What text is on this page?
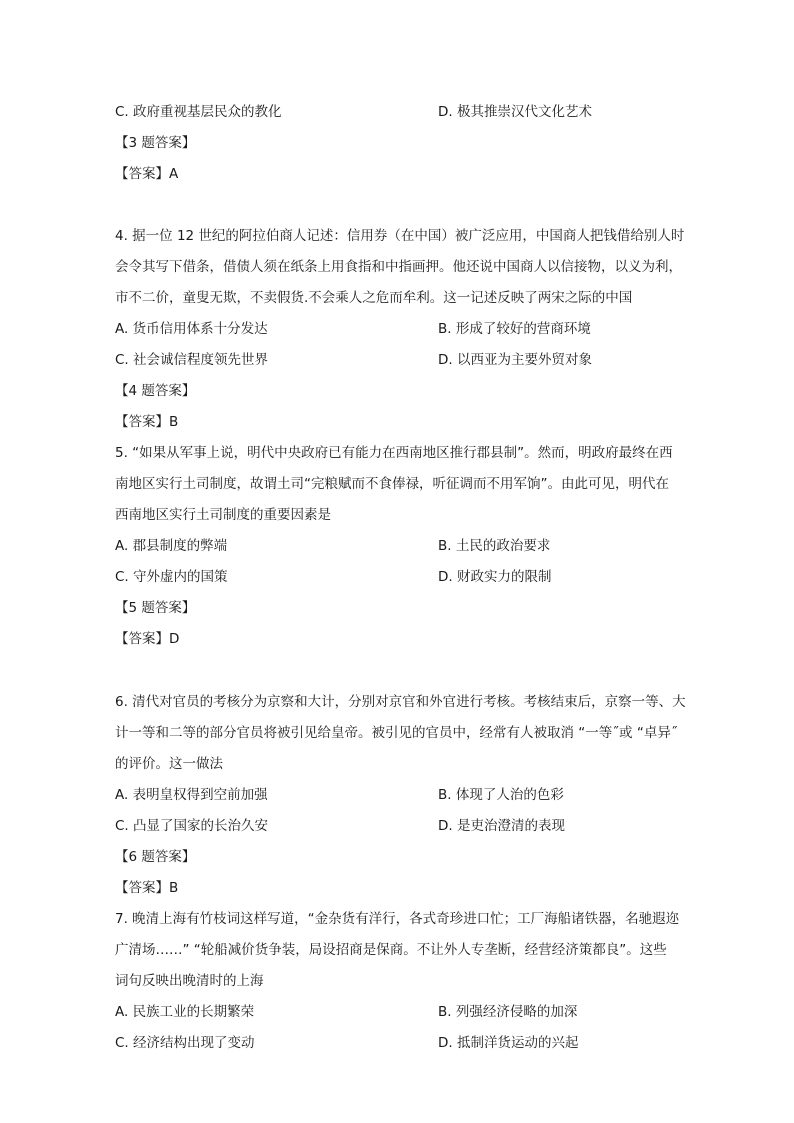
C. 政府重视基层民众的教化	D. 极其推崇汉代文化艺术
【3 题答案】
【答案】A
4. 据一位 12 世纪的阿拉伯商人记述：信用券（在中国）被广泛应用，中国商人把钱借给别人时
会令其写下借条，借债人须在纸条上用食指和中指画押。他还说中国商人以信接物，以义为利，
市不二价，童叟无欺，不卖假货.不会乘人之危而牟利。这一记述反映了两宋之际的中国
A. 货币信用体系十分发达	B. 形成了较好的营商环境
C. 社会诚信程度领先世界	D. 以西亚为主要外贸对象
【4 题答案】
【答案】B
5. “如果从军事上说，明代中央政府已有能力在西南地区推行郡县制”。然而，明政府最终在西
南地区实行土司制度，故谓土司“完粮赋而不食俸禄，听征调而不用军饷”。由此可见，明代在
西南地区实行土司制度的重要因素是
A. 郡县制度的弊端	B. 土民的政治要求
C. 守外虚内的国策	D. 财政实力的限制
【5 题答案】
【答案】D
6. 清代对官员的考核分为京察和大计，分别对京官和外官进行考核。考核结束后，京察一等、大
计一等和二等的部分官员将被引见给皇帝。被引见的官员中，经常有人被取消 “一等˝或 “卓异˝
的评价。这一做法
A. 表明皇权得到空前加强	B. 体现了人治的色彩
C. 凸显了国家的长治久安	D. 是吏治澄清的表现
【6 题答案】
【答案】B
7. 晚清上海有竹枝词这样写道，“金杂货有洋行，各式奇珍进口忙；工厂海船诸铁器，名驰遐迩
广清场……” “轮船减价货争装，局设招商是保商。不让外人专垄断，经营经济策都良”。这些
词句反映出晚清时的上海
A. 民族工业的长期繁荣	B. 列强经济侵略的加深
C. 经济结构出现了变动	D. 抵制洋货运动的兴起
